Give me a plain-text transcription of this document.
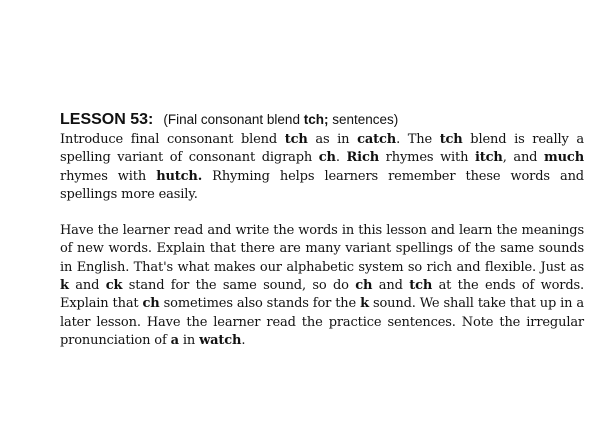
LESSON 53: (Final consonant blend tch; sentences)

Introduce final consonant blend tch as in catch. The tch blend is really a spelling variant of consonant digraph ch. Rich rhymes with itch, and much rhymes with hutch. Rhyming helps learners remember these words and spellings more easily.

Have the learner read and write the words in this lesson and learn the meanings of new words. Explain that there are many variant spellings of the same sounds in English. That's what makes our alphabetic system so rich and flexible. Just as k and ck stand for the same sound, so do ch and tch at the ends of words. Explain that ch sometimes also stands for the k sound. We shall take that up in a later lesson. Have the learner read the practice sentences. Note the irregular pronunciation of a in watch.
